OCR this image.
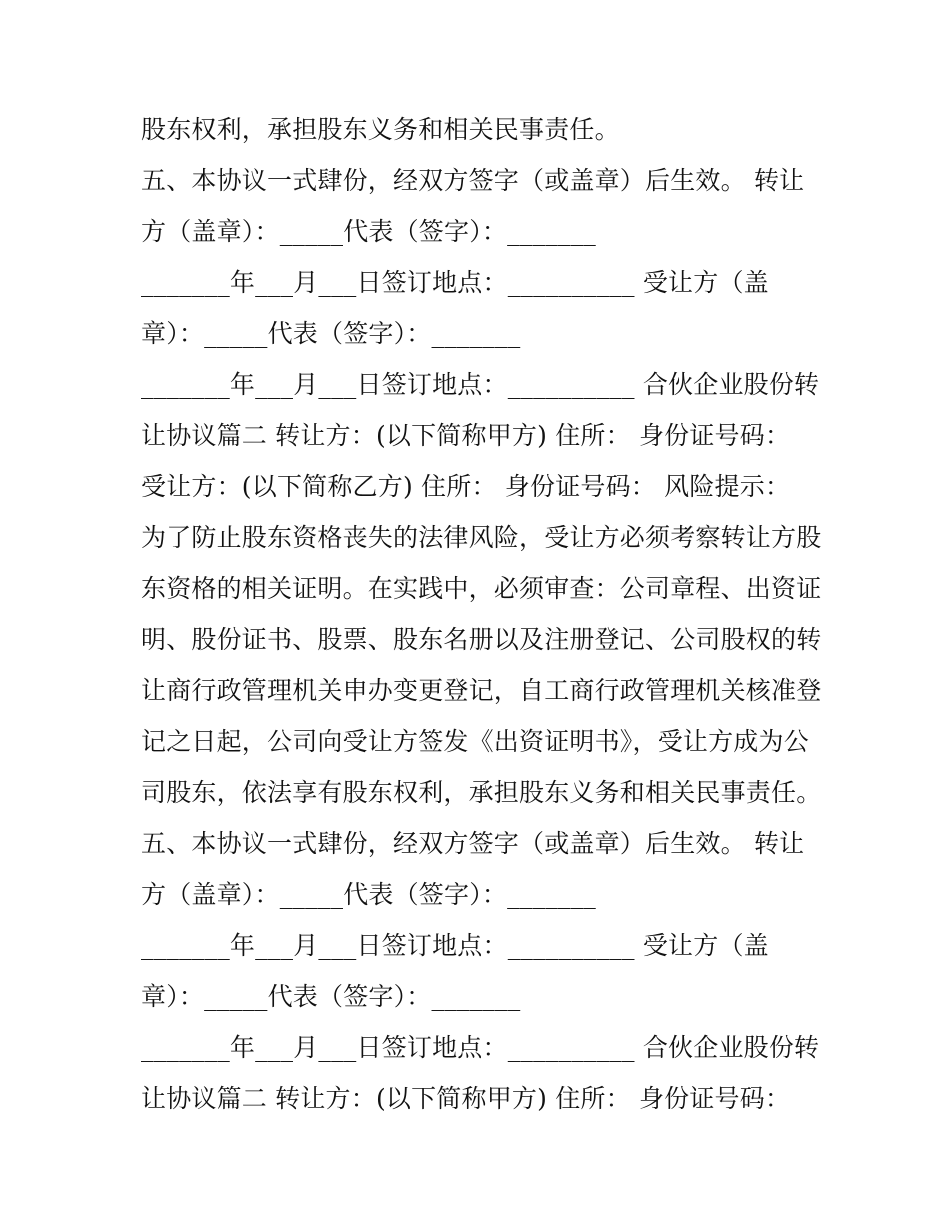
股东权利，承担股东义务和相关民事责任。
五、本协议一式肆份，经双方签字（或盖章）后生效。 转让
方（盖章）：_____代表（签字）：_______
_______年___月___日签订地点：__________ 受让方（盖
章）：_____代表（签字）：_______
_______年___月___日签订地点：__________ 合伙企业股份转
让协议篇二 转让方：(以下简称甲方) 住所： 身份证号码：
受让方：(以下简称乙方) 住所： 身份证号码： 风险提示：
为了防止股东资格丧失的法律风险，受让方必须考察转让方股
东资格的相关证明。在实践中，必须审查：公司章程、出资证
明、股份证书、股票、股东名册以及注册登记、公司股权的转
让商行政管理机关申办变更登记，自工商行政管理机关核准登
记之日起，公司向受让方签发《出资证明书》，受让方成为公
司股东，依法享有股东权利，承担股东义务和相关民事责任。
五、本协议一式肆份，经双方签字（或盖章）后生效。 转让
方（盖章）：_____代表（签字）：_______
_______年___月___日签订地点：__________ 受让方（盖
章）：_____代表（签字）：_______
_______年___月___日签订地点：__________ 合伙企业股份转
让协议篇二 转让方：(以下简称甲方) 住所： 身份证号码：
